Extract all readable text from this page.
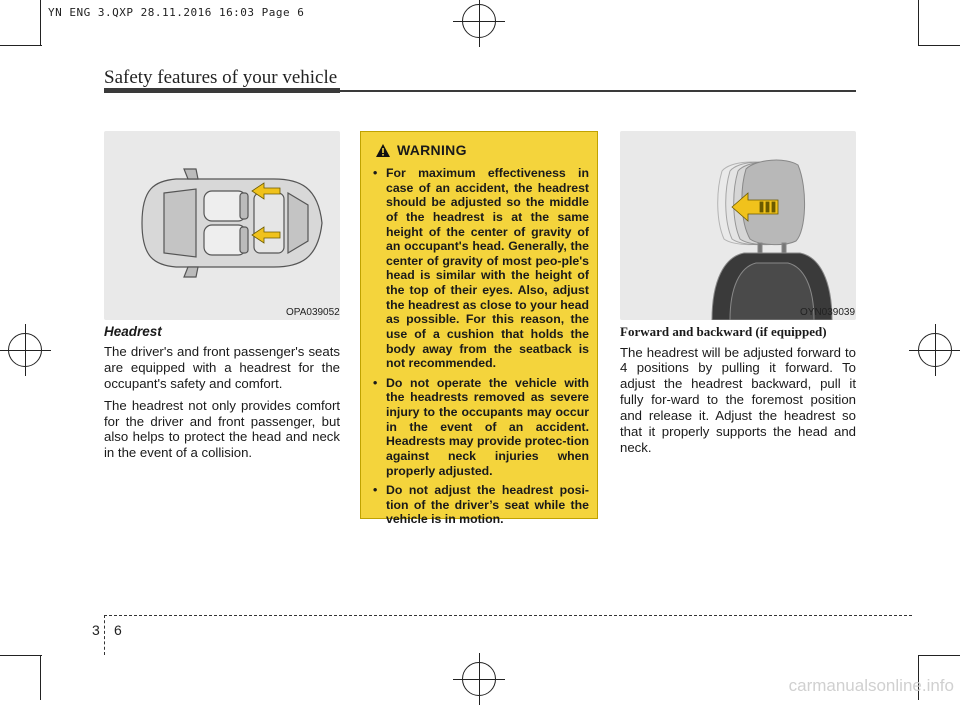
YN ENG 3.QXP 28.11.2016 16:03 Page 6
Safety features of your vehicle
OPA039052
Headrest

The driver's and front passenger's seats are equipped with a headrest for the occupant's safety and comfort.

The headrest not only provides comfort for the driver and front passenger, but also helps to protect the head and neck in the event of a collision.

WARNING
• For maximum effectiveness in case of an accident, the headrest should be adjusted so the middle of the headrest is at the same height of the center of gravity of an occupant's head. Generally, the center of gravity of most peo-ple's head is similar with the height of the top of their eyes. Also, adjust the headrest as close to your head as possible. For this reason, the use of a cushion that holds the body away from the seatback is not recommended.
• Do not operate the vehicle with the headrests removed as severe injury to the occupants may occur in the event of an accident. Headrests may provide protec-tion against neck injuries when properly adjusted.
• Do not adjust the headrest posi-tion of the driver’s seat while the vehicle is in motion.
OYN039039
Forward and backward (if equipped)

The headrest will be adjusted forward to 4 positions by pulling it forward. To adjust the headrest backward, pull it fully for-ward to the foremost position and release it. Adjust the headrest so that it properly supports the head and neck.

3 6
carmanualsonline.info
